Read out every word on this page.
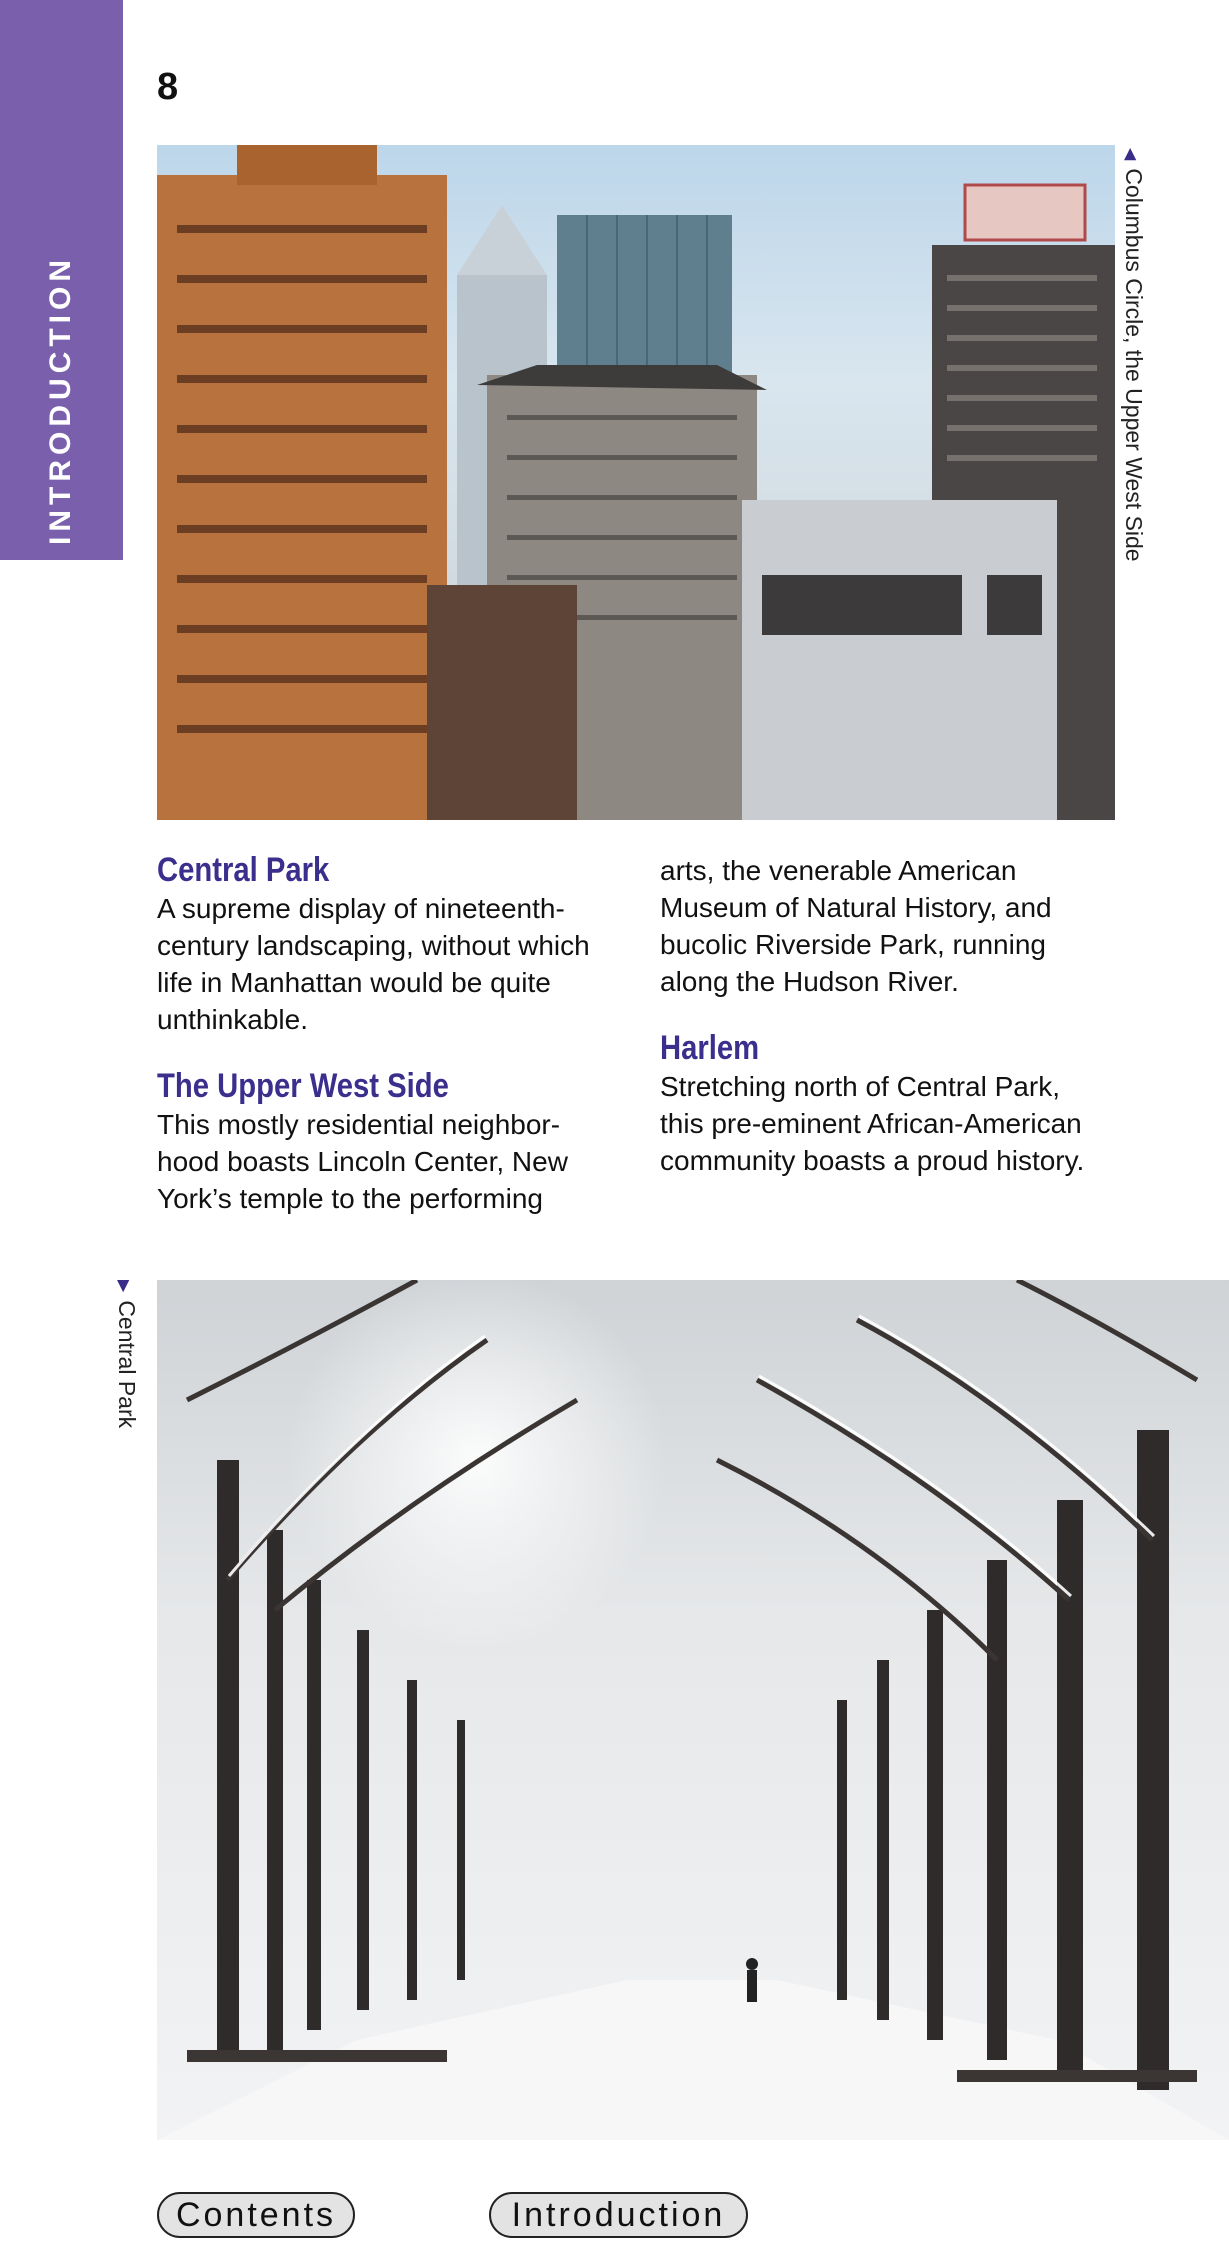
INTRODUCTION
8
◀Columbus Circle, the Upper West Side
Central Park

A supreme display of nineteenth-century landscaping, without which life in Manhattan would be quite unthinkable.

The Upper West Side

This mostly residential neighbor-hood boasts Lincoln Center, New York’s temple to the performing

arts, the venerable American Museum of Natural History, and bucolic Riverside Park, running along the Hudson River.

Harlem

Stretching north of Central Park, this pre-eminent African-American community boasts a proud history.

▶Central Park
Contents	Introduction
